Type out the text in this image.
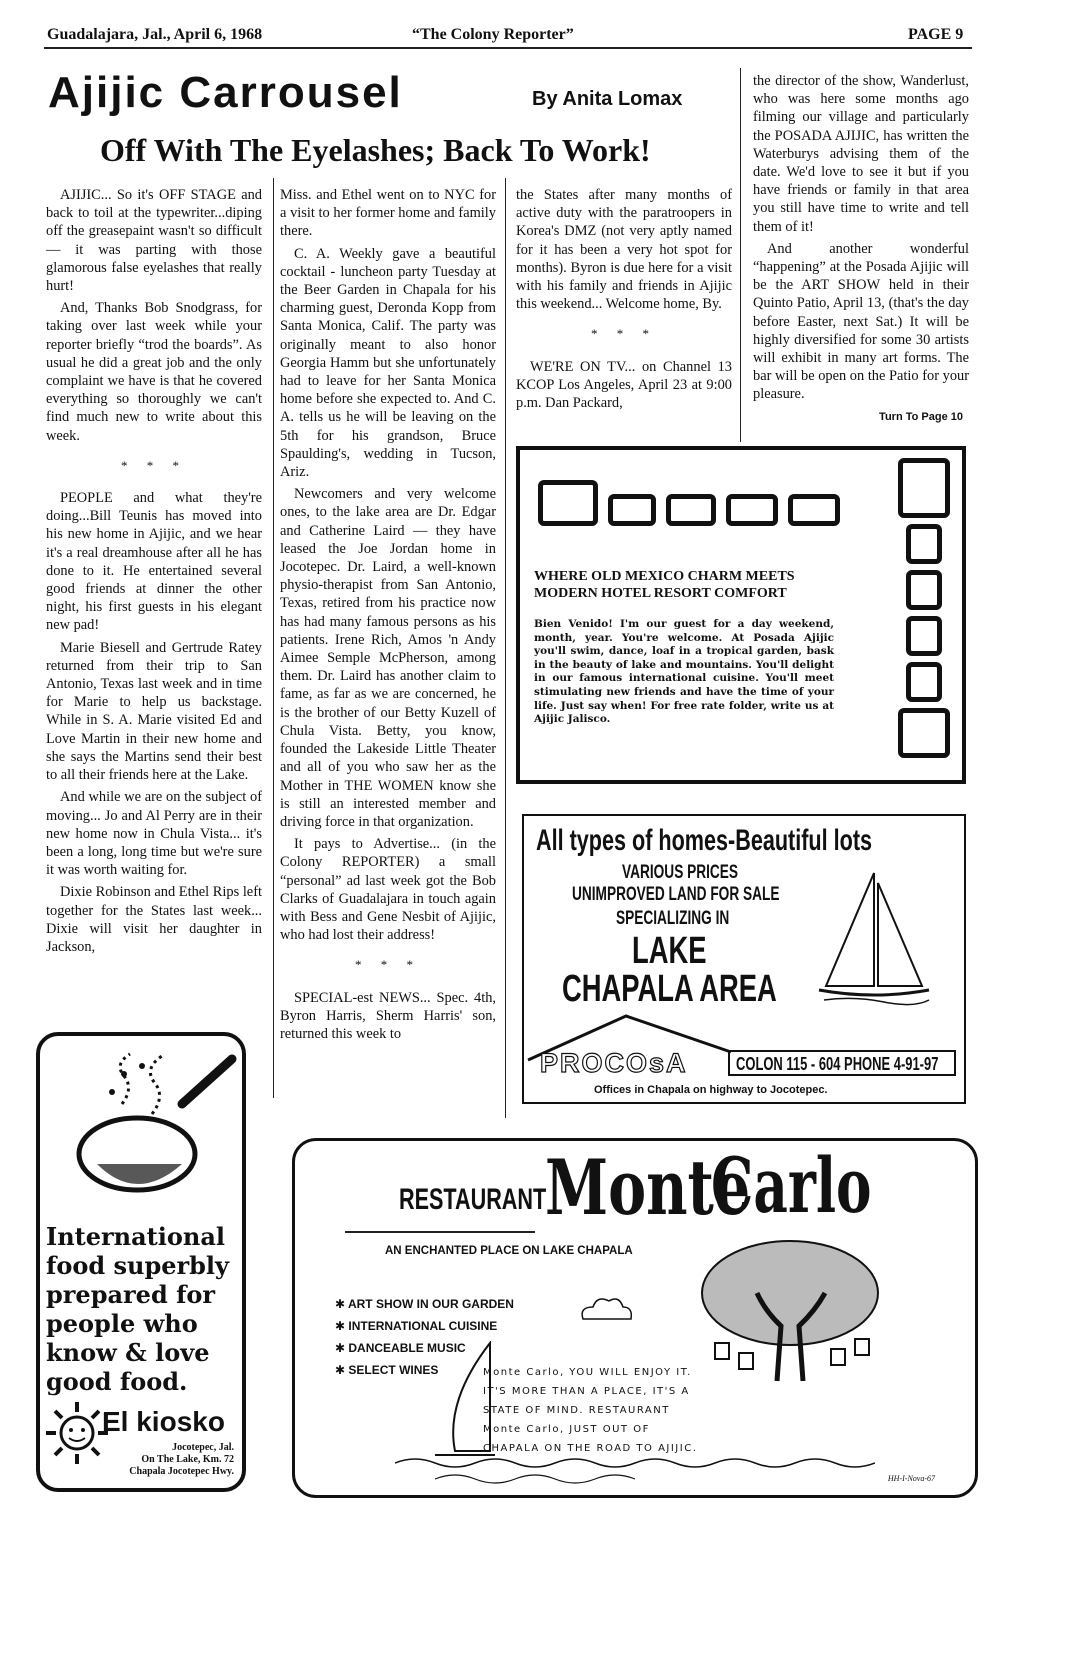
Guadalajara, Jal., April 6, 1968	“The Colony Reporter”	PAGE 9
Ajijic Carrousel	By Anita Lomax
Off With The Eyelashes; Back To Work!

AJIJIC... So it's OFF STAGE and back to toil at the typewriter...diping off the greasepaint wasn't so difficult — it was parting with those glamorous false eyelashes that really hurt!

And, Thanks Bob Snodgrass, for taking over last week while your reporter briefly “trod the boards”. As usual he did a great job and the only complaint we have is that he covered everything so thoroughly we can't find much new to write about this week.

* * *

PEOPLE and what they're doing...Bill Teunis has moved into his new home in Ajijic, and we hear it's a real dreamhouse after all he has done to it. He entertained several good friends at dinner the other night, his first guests in his elegant new pad!

Marie Biesell and Gertrude Ratey returned from their trip to San Antonio, Texas last week and in time for Marie to help us backstage. While in S. A. Marie visited Ed and Love Martin in their new home and she says the Martins send their best to all their friends here at the Lake.

And while we are on the subject of moving... Jo and Al Perry are in their new home now in Chula Vista... it's been a long, long time but we're sure it was worth waiting for.

Dixie Robinson and Ethel Rips left together for the States last week... Dixie will visit her daughter in Jackson,

Miss. and Ethel went on to NYC for a visit to her former home and family there.

C. A. Weekly gave a beautiful cocktail - luncheon party Tuesday at the Beer Garden in Chapala for his charming guest, Deronda Kopp from Santa Monica, Calif. The party was originally meant to also honor Georgia Hamm but she unfortunately had to leave for her Santa Monica home before she expected to. And C. A. tells us he will be leaving on the 5th for his grandson, Bruce Spaulding's, wedding in Tucson, Ariz.

Newcomers and very welcome ones, to the lake area are Dr. Edgar and Catherine Laird — they have leased the Joe Jordan home in Jocotepec. Dr. Laird, a well-known physio-therapist from San Antonio, Texas, retired from his practice now has had many famous persons as his patients. Irene Rich, Amos 'n Andy Aimee Semple McPherson, among them. Dr. Laird has another claim to fame, as far as we are concerned, he is the brother of our Betty Kuzell of Chula Vista. Betty, you know, founded the Lakeside Little Theater and all of you who saw her as the Mother in THE WOMEN know she is still an interested member and driving force in that organization.

It pays to Advertise... (in the Colony REPORTER) a small “personal” ad last week got the Bob Clarks of Guadalajara in touch again with Bess and Gene Nesbit of Ajijic, who had lost their address!

* * *

SPECIAL-est NEWS... Spec. 4th, Byron Harris, Sherm Harris' son, returned this week to

the States after many months of active duty with the paratroopers in Korea's DMZ (not very aptly named for it has been a very hot spot for months). Byron is due here for a visit with his family and friends in Ajijic this weekend... Welcome home, By.

* * *

WE'RE ON TV... on Channel 13 KCOP Los Angeles, April 23 at 9:00 p.m. Dan Packard,

the director of the show, Wanderlust, who was here some months ago filming our village and particularly the POSADA AJIJIC, has written the Waterburys advising them of the date. We'd love to see it but if you have friends or family in that area you still have time to write and tell them of it!

And another wonderful “happening” at the Posada Ajijic will be the ART SHOW held in their Quinto Patio, April 13, (that's the day before Easter, next Sat.) It will be highly diversified for some 30 artists will exhibit in many art forms. The bar will be open on the Patio for your pleasure.

Turn To Page 10
WHERE OLD MEXICO CHARM MEETS
MODERN HOTEL RESORT COMFORT
Bien Venido! I'm our guest for a day weekend, month, year. You're welcome. At Posada Ajijic you'll swim, dance, loaf in a tropical garden, bask in the beauty of lake and mountains. You'll delight in our famous international cuisine. You'll meet stimulating new friends and have the time of your life. Just say when! For free rate folder, write us at Ajijic Jalisco.
All types of homes-Beautiful lots
VARIOUS PRICES
UNIMPROVED LAND FOR SALE
SPECIALIZING IN
LAKE
CHAPALA AREA
PROCOsA	COLON 115 - 604 PHONE 4-91-97
Offices in Chapala on highway to Jocotepec.
International
food superbly
prepared for
people who
know & love
good food.
El kiosko
Jocotepec, Jal.
On The Lake, Km. 72
Chapala Jocotepec Hwy.
RESTAURANT
Monte
Carlo
AN ENCHANTED PLACE ON LAKE CHAPALA
✱ ART SHOW IN OUR GARDEN
✱ INTERNATIONAL CUISINE
✱ DANCEABLE MUSIC
✱ SELECT WINES	Monte Carlo, YOU WILL ENJOY IT.
IT'S MORE THAN A PLACE, IT'S A
STATE OF MIND. RESTAURANT
Monte Carlo, JUST OUT OF
CHAPALA ON THE ROAD TO AJIJIC.
HH-I-Nova-67
